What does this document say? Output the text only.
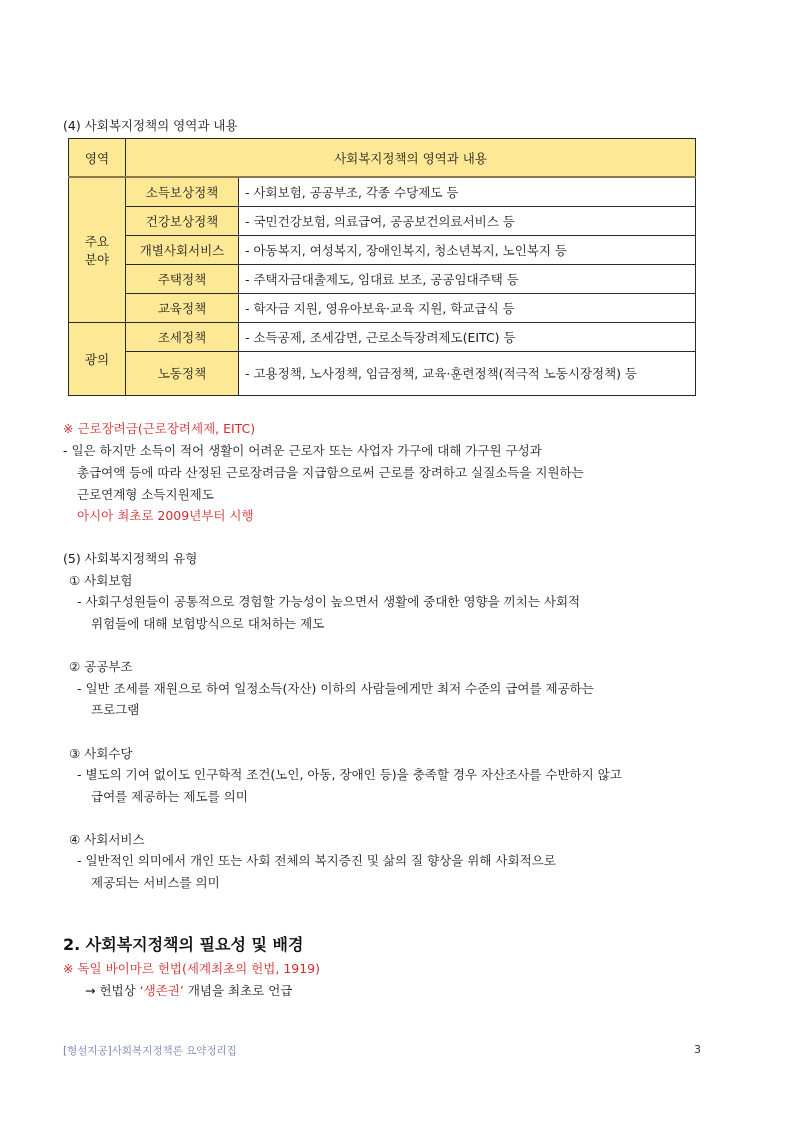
(4) 사회복지정책의 영역과 내용
영역	사회복지정책의 영역과 내용	

주요
분야	소득보상정책	- 사회보험, 공공부조, 각종 수당제도 등
	건강보상정책	- 국민건강보험, 의료급여, 공공보건의료서비스 등
	개별사회서비스	- 아동복지, 여성복지, 장애인복지, 청소년복지, 노인복지 등
	주택정책	- 주택자금대출제도, 임대료 보조, 공공임대주택 등
	교육정책	- 학자금 지원, 영유아보육·교육 지원, 학교급식 등
광의	조세정책	- 소득공제, 조세감면, 근로소득장려제도(EITC) 등
	노동정책	- 고용정책, 노사정책, 임금정책, 교육·훈련정책(적극적 노동시장정책) 등
※ 근로장려금(근로장려세제, EITC)
- 일은 하지만 소득이 적어 생활이 어려운 근로자 또는 사업자 가구에 대해 가구원 구성과
총급여액 등에 따라 산정된 근로장려금을 지급함으로써 근로를 장려하고 실질소득을 지원하는
근로연계형 소득지원제도
아시아 최초로 2009년부터 시행
(5) 사회복지정책의 유형
① 사회보험
- 사회구성원들이 공통적으로 경험할 가능성이 높으면서 생활에 중대한 영향을 끼치는 사회적
위험들에 대해 보험방식으로 대처하는 제도
② 공공부조
- 일반 조세를 재원으로 하여 일정소득(자산) 이하의 사람들에게만 최저 수준의 급여를 제공하는
프로그램
③ 사회수당
- 별도의 기여 없이도 인구학적 조건(노인, 아동, 장애인 등)을 충족할 경우 자산조사를 수반하지 않고
급여를 제공하는 제도를 의미
④ 사회서비스
- 일반적인 의미에서 개인 또는 사회 전체의 복지증진 및 삶의 질 향상을 위해 사회적으로
제공되는 서비스를 의미
2. 사회복지정책의 필요성 및 배경
※ 독일 바이마르 헌법(세계최초의 헌법, 1919)
→ 헌법상 ‘생존권’ 개념을 최초로 언급
[형설지공]사회복지정책론 요약정리집	3
